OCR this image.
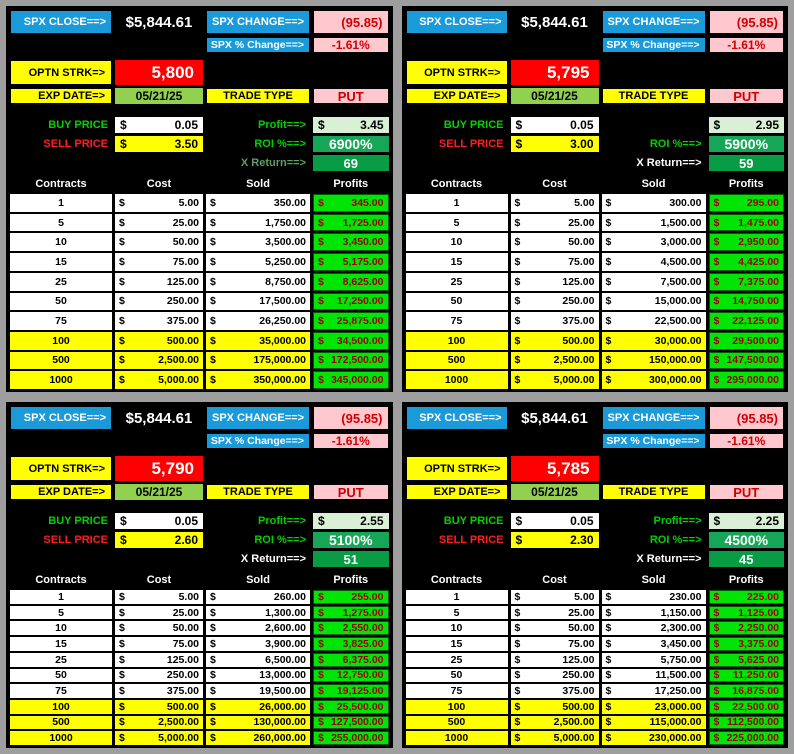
SPX CLOSE==>	$5,844.61	SPX CHANGE==>	(95.85)
SPX % Change==>	-1.61%
OPTN STRK=>	5,800
EXP DATE=>	05/21/25	TRADE TYPE	PUT
BUY PRICE	$	0.05	Profit==>	$	3.45
SELL PRICE	$	3.50	ROI %==>	6900%
X Return==>	69
Contracts	Cost	Sold	Profits
1	$	5.00 $	350.00 $	345.00
5	$	25.00 $	1,750.00 $ 1,725.00
10	$	50.00 $	3,500.00 $ 3,450.00
15	$	75.00 $	5,250.00 $ 5,175.00
25	$	125.00 $	8,750.00 $ 8,625.00
50	$	250.00 $	17,500.00 $ 17,250.00
75	$	375.00 $	26,250.00 $ 25,875.00
100	$	500.00 $	35,000.00 $ 34,500.00
500	$	2,500.00 $	175,000.00 $ 172,500.00
1000	$	5,000.00 $	350,000.00 $ 345,000.00
SPX CLOSE==>	$5,844.61	SPX CHANGE==>	(95.85)
SPX % Change==>	-1.61%
OPTN STRK=>	5,795
EXP DATE=>	05/21/25	TRADE TYPE	PUT
BUY PRICE	$	0.05	$	2.95
SELL PRICE	$	3.00	ROI %==>	5900%
X Return==>	59
Contracts	Cost	Sold	Profits
1	$	5.00 $	300.00 $	295.00
5	$	25.00 $	1,500.00 $ 1,475.00
10	$	50.00 $	3,000.00 $ 2,950.00
15	$	75.00 $	4,500.00 $ 4,425.00
25	$	125.00 $	7,500.00 $ 7,375.00
50	$	250.00 $	15,000.00 $ 14,750.00
75	$	375.00 $	22,500.00 $ 22,125.00
100	$	500.00 $	30,000.00 $ 29,500.00
500	$	2,500.00 $	150,000.00 $ 147,500.00
1000	$	5,000.00 $	300,000.00 $ 295,000.00
SPX CLOSE==>	$5,844.61	SPX CHANGE==>	(95.85)
SPX % Change==>	-1.61%
OPTN STRK=>	5,790
EXP DATE=>	05/21/25	TRADE TYPE	PUT
BUY PRICE	$	0.05	Profit==>	$	2.55
SELL PRICE	$	2.60	ROI %==>	5100%
X Return==>	51
Contracts	Cost	Sold	Profits
1	$	5.00 $	260.00 $	255.00
5	$	25.00 $	1,300.00 $ 1,275.00
10	$	50.00 $	2,600.00 $ 2,550.00
15	$	75.00 $	3,900.00 $ 3,825.00
25	$	125.00 $	6,500.00 $ 6,375.00
50	$	250.00 $	13,000.00 $ 12,750.00
75	$	375.00 $	19,500.00 $ 19,125.00
100	$	500.00 $	26,000.00 $ 25,500.00
500	$	2,500.00 $	130,000.00 $ 127,500.00
1000	$	5,000.00 $	260,000.00 $ 255,000.00
SPX CLOSE==>	$5,844.61	SPX CHANGE==>	(95.85)
SPX % Change==>	-1.61%
OPTN STRK=>	5,785
EXP DATE=>	05/21/25	TRADE TYPE	PUT
BUY PRICE	$	0.05	Profit==>	$	2.25
SELL PRICE	$	2.30	ROI %==>	4500%
X Return==>	45
Contracts	Cost	Sold	Profits
1	$	5.00 $	230.00 $	225.00
5	$	25.00 $	1,150.00 $ 1,125.00
10	$	50.00 $	2,300.00 $ 2,250.00
15	$	75.00 $	3,450.00 $ 3,375.00
25	$	125.00 $	5,750.00 $ 5,625.00
50	$	250.00 $	11,500.00 $ 11,250.00
75	$	375.00 $	17,250.00 $ 16,875.00
100	$	500.00 $	23,000.00 $ 22,500.00
500	$	2,500.00 $	115,000.00 $ 112,500.00
1000	$	5,000.00 $	230,000.00 $ 225,000.00
